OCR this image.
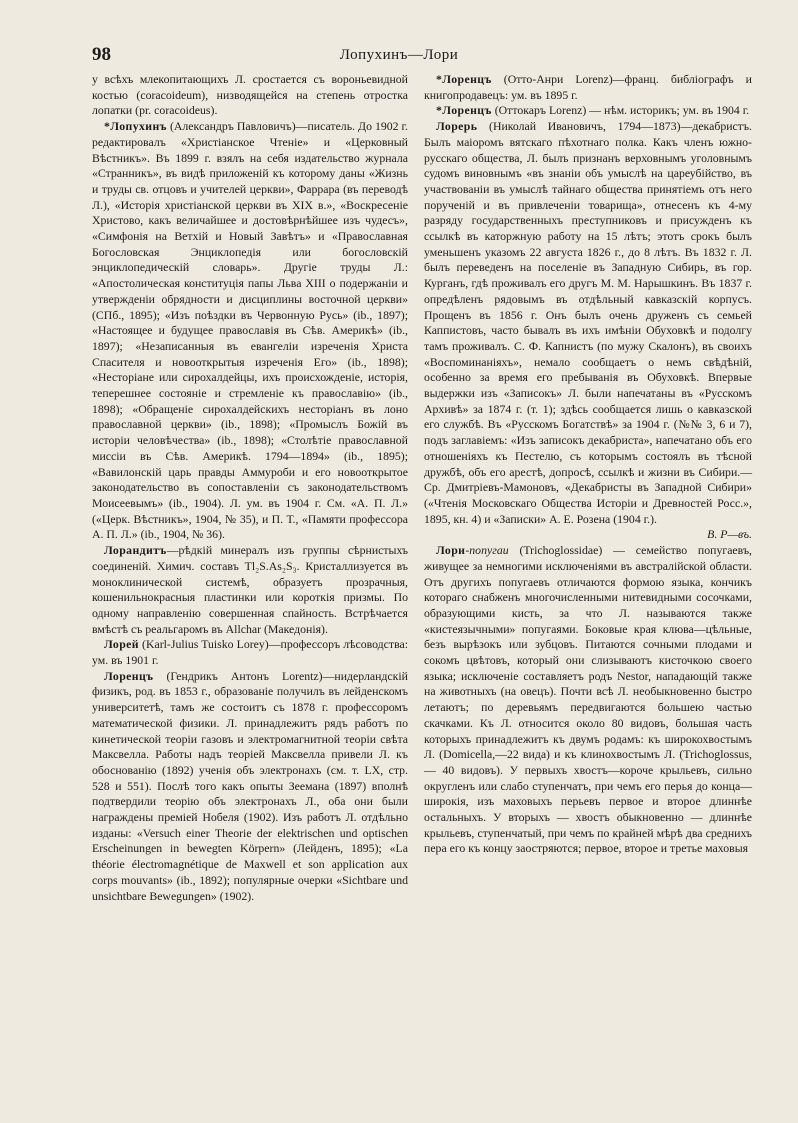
98	Лопухинъ—Лори

у всѣхъ млекопитающихъ Л. сростается съ вороньевидной костью (coracoideum), низводящейся на степень отростка лопатки (pr. coracoideus).

*Лопухинъ (Александръ Павловичъ)—писатель. До 1902 г. редактировалъ «Христіанское Чтеніе» и «Церковный Вѣстникъ». Въ 1899 г. взялъ на себя издательство журнала «Странникъ», въ видѣ приложеній къ которому даны «Жизнь и труды св. отцовъ и учителей церкви», Фаррара (въ переводѣ Л.), «Исторія христіанской церкви въ XIX в.», «Воскресеніе Христово, какъ величайшее и достовѣрнѣйшее изъ чудесъ», «Симфонія на Ветхій и Новый Завѣтъ» и «Православная Богословская Энциклопедія или богословскій энциклопедическій словарь». Другіе труды Л.: «Апостолическая конституція папы Льва XIII о подержаніи и утвержденіи обрядности и дисциплины восточной церкви» (СПб., 1895); «Изъ поѣздки въ Червонную Русь» (ib., 1897); «Настоящее и будущее православія въ Сѣв. Америкѣ» (ib., 1897); «Незаписанныя въ евангеліи изреченія Христа Спасителя и новооткрытыя изреченія Его» (ib., 1898); «Несторіане или сирохалдейцы, ихъ происхожденіе, исторія, теперешнее состояніе и стремленіе къ православію» (ib., 1898); «Обращеніе сирохалдейскихъ несторіанъ въ лоно православной церкви» (ib., 1898); «Промыслъ Божій въ исторіи человѣчества» (ib., 1898); «Столѣтіе православной миссіи въ Сѣв. Америкѣ. 1794—1894» (ib., 1895); «Вавилонскій царь правды Аммуроби и его новооткрытое законодательство въ сопоставленіи съ законодательствомъ Моисеевымъ» (ib., 1904). Л. ум. въ 1904 г. См. «А. П. Л.» («Церк. Вѣстникъ», 1904, № 35), и П. Т., «Памяти профессора А. П. Л.» (ib., 1904, № 36).

Лорандитъ—рѣдкій минералъ изъ группы сѣрнистыхъ соединеній. Химич. составъ Tl₂S.As₂S₃. Кристаллизуется въ моноклинической системѣ, образуетъ прозрачныя, кошенильнокрасныя пластинки или короткія призмы. По одному направленію совершенная спайность. Встрѣчается вмѣстѣ съ реальгаромъ въ Allchar (Македонія).

Лорей (Karl-Julius Tuisko Lorey)—профессоръ лѣсоводства: ум. въ 1901 г.

Лоренцъ (Гендрикъ Антонъ Lorentz)—нидерландскій физикъ, род. въ 1853 г., образованіе получилъ въ лейденскомъ университетѣ, тамъ же состоитъ съ 1878 г. профессоромъ математической физики. Л. принадлежитъ рядъ работъ по кинетической теоріи газовъ и электромагнитной теоріи свѣта Максвелла. Работы надъ теоріей Максвелла привели Л. къ обоснованію (1892) ученія объ электронахъ (см. т. LX, стр. 528 и 551). Послѣ того какъ опыты Зеемана (1897) вполнѣ подтвердили теорію объ электронахъ Л., оба они были награждены преміей Нобеля (1902). Изъ работъ Л. отдѣльно изданы: «Versuch einer Theorie der elektrischen und optischen Erscheinungen in bewegten Körpern» (Лейденъ, 1895); «La théorie électromagnétique de Maxwell et son application aux corps mouvants» (ib., 1892); популярные очерки «Sichtbare und unsichtbare Bewegungen» (1902).

*Лоренцъ (Отто-Анри Lorenz)—франц. библіографъ и книгопродавецъ: ум. въ 1895 г.

*Лоренцъ (Оттокаръ Lorenz) — нѣм. историкъ; ум. въ 1904 г.

Лорерь (Николай Ивановичъ, 1794—1873)—декабристъ. Былъ маіоромъ вятскаго пѣхотнаго полка. Какъ членъ южно-русскаго общества, Л. былъ признанъ верховнымъ уголовнымъ судомъ виновнымъ «въ знаніи объ умыслѣ на цареубійство, въ участвованіи въ умыслѣ тайнаго общества принятіемъ отъ него порученій и въ привлеченіи товарища», отнесенъ къ 4-му разряду государственныхъ преступниковъ и присужденъ къ ссылкѣ въ каторжную работу на 15 лѣтъ; этотъ срокъ былъ уменьшенъ указомъ 22 августа 1826 г., до 8 лѣтъ. Въ 1832 г. Л. былъ переведенъ на поселеніе въ Западную Сибирь, въ гор. Курганъ, гдѣ проживалъ его другъ М. М. Нарышкинъ. Въ 1837 г. опредѣленъ рядовымъ въ отдѣльный кавказскій корпусъ. Прощенъ въ 1856 г. Онъ былъ очень друженъ съ семьей Каппистовъ, часто бывалъ въ ихъ имѣніи Обуховкѣ и подолгу тамъ проживалъ. С. Ф. Капнистъ (по мужу Скалонъ), въ своихъ «Воспоминаніяхъ», немало сообщаетъ о немъ свѣдѣній, особенно за время его пребыванія въ Обуховкѣ. Впервые выдержки изъ «Записокъ» Л. были напечатаны въ «Русскомъ Архивѣ» за 1874 г. (т. 1); здѣсь сообщается лишь о кавказской его службѣ. Въ «Русскомъ Богатствѣ» за 1904 г. (№№ 3, 6 и 7), подъ заглавіемъ: «Изъ записокъ декабриста», напечатано объ его отношеніяхъ къ Пестелю, съ которымъ состоялъ въ тѣсной дружбѣ, объ его арестѣ, допросѣ, ссылкѣ и жизни въ Сибири.—Ср. Дмитріевъ-Мамоновъ, «Декабристы въ Западной Сибири» («Чтенія Московскаго Общества Исторіи и Древностей Росс.», 1895, кн. 4) и «Записки» А. Е. Розена (1904 г.).
В. Р—въ.

Лори-попугаи (Trichoglossidae) — семейство попугаевъ, живущее за немногими исключеніями въ австралійской области. Отъ другихъ попугаевъ отличаются формою языка, кончикъ котораго снабженъ многочисленными нитевидными сосочками, образующими кисть, за что Л. называются также «кистеязычными» попугаями. Боковые края клюва—цѣльные, безъ вырѣзокъ или зубцовъ. Питаются сочными плодами и сокомъ цвѣтовъ, который они слизываютъ кисточкою своего языка; исключеніе составляетъ родъ Nestor, нападающій также на животныхъ (на овецъ). Почти всѣ Л. необыкновенно быстро летаютъ; по деревьямъ передвигаются большею частью скачками. Къ Л. относится около 80 видовъ, большая часть которыхъ принадлежитъ къ двумъ родамъ: къ широкохвостымъ Л. (Domicella,—22 вида) и къ клинохвостымъ Л. (Trichoglossus, — 40 видовъ). У первыхъ хвостъ—короче крыльевъ, сильно округленъ или слабо ступенчатъ, при чемъ его перья до конца—широкія, изъ маховыхъ перьевъ первое и второе длиннѣе остальныхъ. У вторыхъ — хвостъ обыкновенно — длиннѣе крыльевъ, ступенчатый, при чемъ по крайней мѣрѣ два среднихъ пера его къ концу заостряются; первое, второе и третье маховыя
